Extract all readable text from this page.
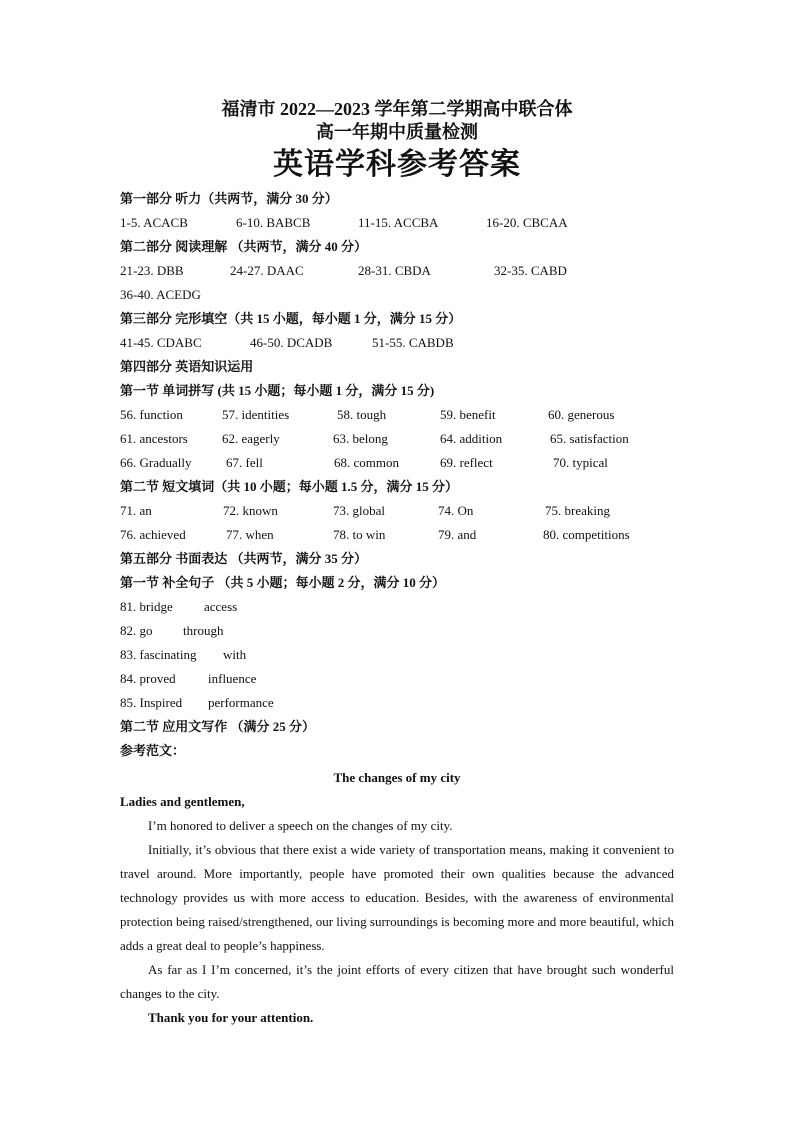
福清市 2022—2023 学年第二学期高中联合体
高一年期中质量检测
英语学科参考答案
第一部分 听力（共两节，满分 30 分）
1-5. ACACB	6-10. BABCB	11-15. ACCBA	16-20. CBCAA
第二部分 阅读理解 （共两节，满分 40 分）
21-23. DBB	24-27. DAAC	28-31. CBDA	32-35. CABD
36-40. ACEDG
第三部分 完形填空（共 15 小题，每小题 1 分，满分 15 分）
41-45. CDABC	46-50. DCADB	51-55. CABDB
第四部分 英语知识运用
第一节 单词拼写 (共 15 小题；每小题 1 分，满分 15 分)
56. function	57. identities	58. tough	59. benefit	60. generous
61. ancestors	62. eagerly	63. belong	64. addition	65. satisfaction
66. Gradually	67. fell	68. common	69. reflect	70. typical
第二节 短文填词（共 10 小题；每小题 1.5 分，满分 15 分）
71. an	72. known	73. global	74. On	75. breaking
76. achieved	77. when	78. to win	79. and	80. competitions
第五部分 书面表达 （共两节，满分 35 分）
第一节 补全句子 （共 5 小题；每小题 2 分，满分 10 分）
81. bridge access
82. go through
83. fascinating with
84. proved influence
85. Inspired performance
第二节 应用文写作 （满分 25 分）
参考范文：
The changes of my city
Ladies and gentlemen,
I’m honored to deliver a speech on the changes of my city.
Initially, it’s obvious that there exist a wide variety of transportation means, making it convenient to travel around. More importantly, people have promoted their own qualities because the advanced technology provides us with more access to education. Besides, with the awareness of environmental protection being raised/strengthened, our living surroundings is becoming more and more beautiful, which adds a great deal to people’s happiness.
As far as I I’m concerned, it’s the joint efforts of every citizen that have brought such wonderful changes to the city.
Thank you for your attention.
